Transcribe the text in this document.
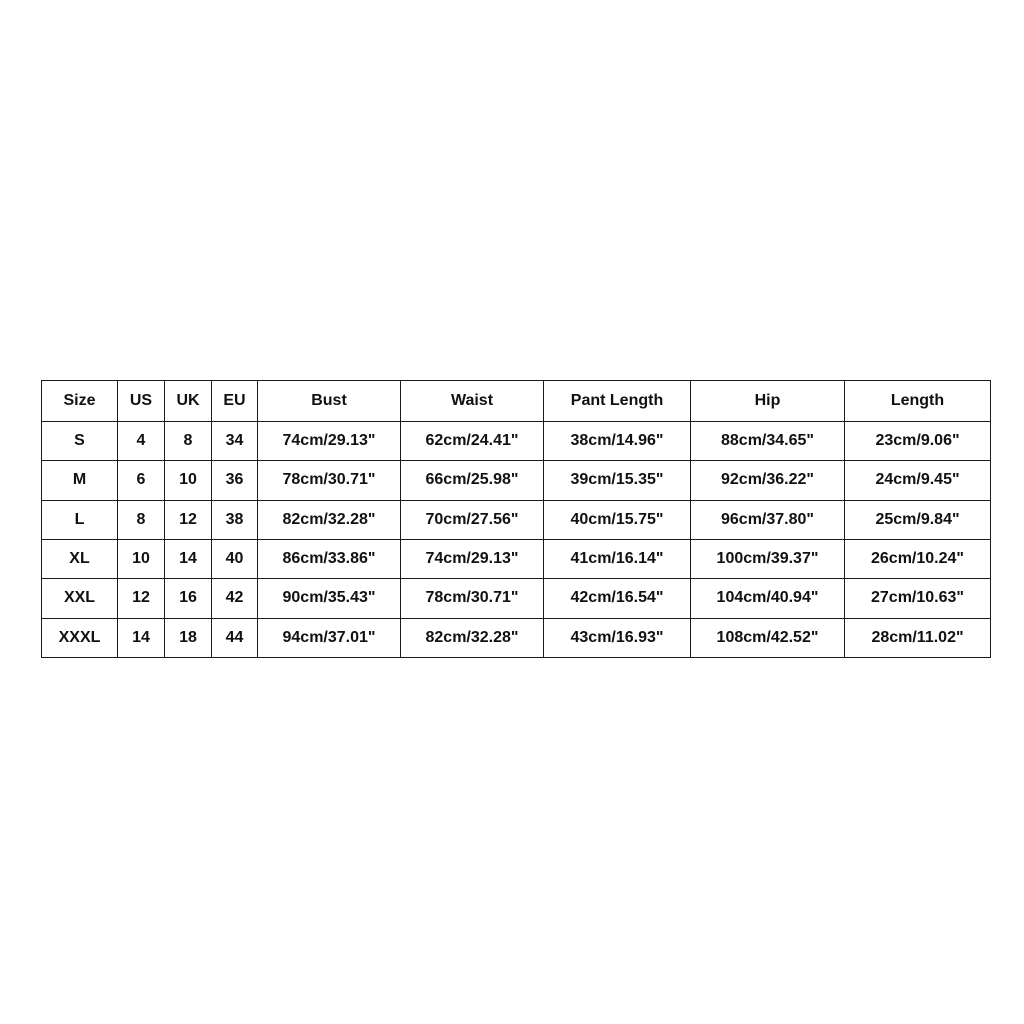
Size	US	UK	EU	Bust	Waist	Pant Length	Hip	Length
S	4	8	34	74cm/29.13"	62cm/24.41"	38cm/14.96"	88cm/34.65"	23cm/9.06"
M	6	10	36	78cm/30.71"	66cm/25.98"	39cm/15.35"	92cm/36.22"	24cm/9.45"
L	8	12	38	82cm/32.28"	70cm/27.56"	40cm/15.75"	96cm/37.80"	25cm/9.84"
XL	10	14	40	86cm/33.86"	74cm/29.13"	41cm/16.14"	100cm/39.37"	26cm/10.24"
XXL	12	16	42	90cm/35.43"	78cm/30.71"	42cm/16.54"	104cm/40.94"	27cm/10.63"
XXXL	14	18	44	94cm/37.01"	82cm/32.28"	43cm/16.93"	108cm/42.52"	28cm/11.02"
